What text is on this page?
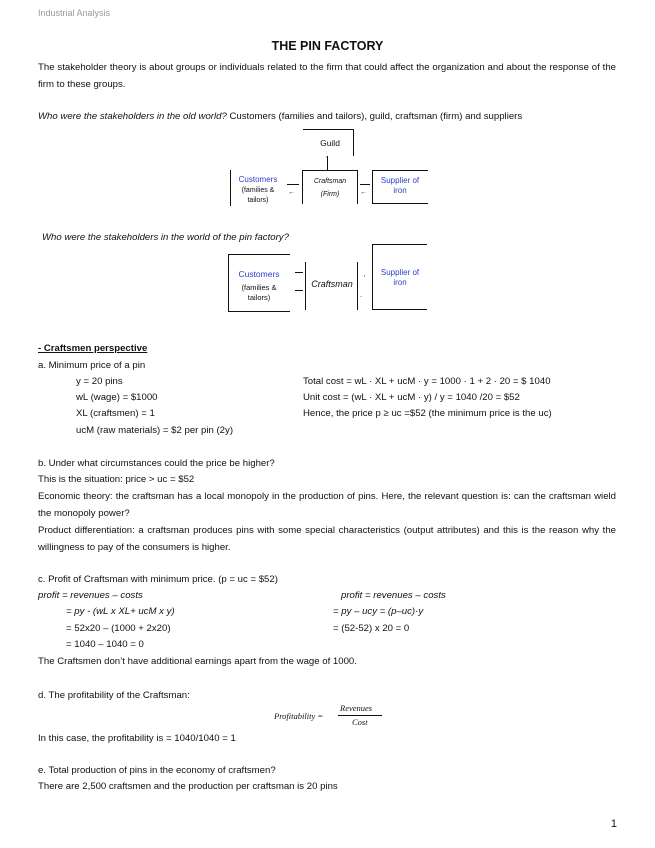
Industrial Analysis
THE PIN FACTORY
The stakeholder theory is about groups or individuals related to the firm that could affect the organization and about the response of the firm to these groups.
Who were the stakeholders in the old world? Customers (families and tailors), guild, craftsman (firm) and suppliers
Guild
·
Customers
(families & tailors)
←
Craftsman
(Firm)	←
Supplier of iron
Who were the stakeholders in the world of the pin factory?
Customers
(families & tailors)
Craftsman
'
.
Supplier of iron
- Craftsmen perspective
a. Minimum price of a pin
y = 20 pins
wL (wage) = $1000
XL (craftsmen) = 1
ucM (raw materials) = $2 per pin (2y)
Total cost = wL · XL + ucM · y = 1000 · 1 + 2 · 20 = $ 1040
Unit cost = (wL · XL + ucM · y) / y = 1040 /20 = $52
Hence, the price p ≥ uc =$52 (the minimum price is the uc)
b. Under what circumstances could the price be higher?
This is the situation: price > uc = $52
Economic theory: the craftsman has a local monopoly in the production of pins. Here, the relevant question is: can the craftsman wield the monopoly power?
Product differentiation: a craftsman produces pins with some special characteristics (output attributes) and this is the reason why the willingness to pay of the consumers is higher.
c. Profit of Craftsman with minimum price. (p = uc = $52)
profit = revenues – costs
= py - (wL x XL+ ucM x y)
= 52x20 – (1000 + 2x20)
= 1040 – 1040 = 0
profit = revenues – costs
= py – ucy = (p–uc)·y
= (52-52) x 20 = 0
The Craftsmen don’t have additional earnings apart from the wage of 1000.
d. The profitability of the Craftsman:
Profitability =
Revenues
Cost
In this case, the profitability is = 1040/1040 = 1
e. Total production of pins in the economy of craftsmen?
There are 2,500 craftsmen and the production per craftsman is 20 pins
1
